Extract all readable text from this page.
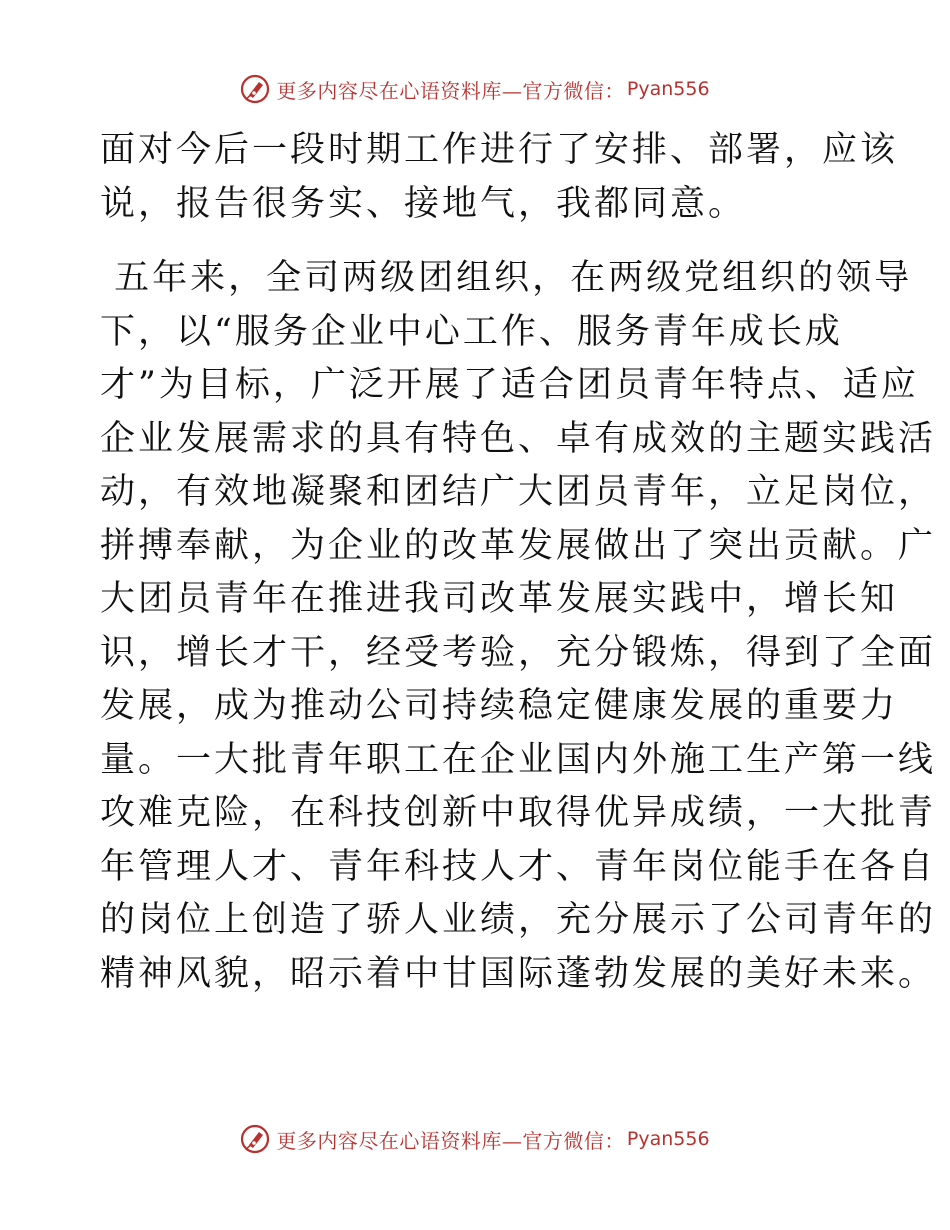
更多内容尽在心语资料库—官方微信： Pyan556
面对今后一段时期工作进行了安排、部署，应该
说，报告很务实、接地气，我都同意。
五年来，全司两级团组织，在两级党组织的领导
下，以“服务企业中心工作、服务青年成长成
才”为目标，广泛开展了适合团员青年特点、适应
企业发展需求的具有特色、卓有成效的主题实践活
动，有效地凝聚和团结广大团员青年，立足岗位，
拼搏奉献，为企业的改革发展做出了突出贡献。广
大团员青年在推进我司改革发展实践中，增长知
识，增长才干，经受考验，充分锻炼，得到了全面
发展，成为推动公司持续稳定健康发展的重要力
量。一大批青年职工在企业国内外施工生产第一线
攻难克险，在科技创新中取得优异成绩，一大批青
年管理人才、青年科技人才、青年岗位能手在各自
的岗位上创造了骄人业绩，充分展示了公司青年的
精神风貌，昭示着中甘国际蓬勃发展的美好未来。
更多内容尽在心语资料库—官方微信： Pyan556
